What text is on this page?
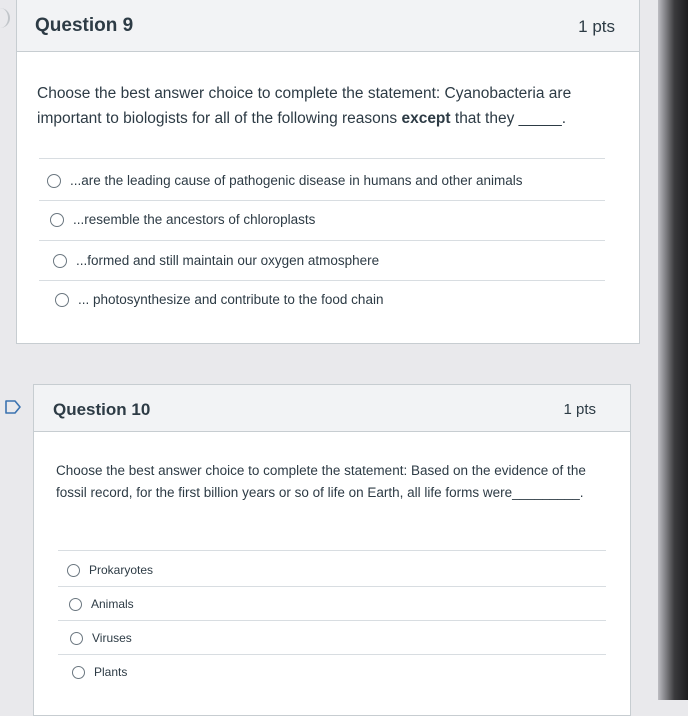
Question 9	1 pts
Choose the best answer choice to complete the statement: Cyanobacteria are important to biologists for all of the following reasons except that they _____.
...are the leading cause of pathogenic disease in humans and other animals
...resemble the ancestors of chloroplasts
...formed and still maintain our oxygen atmosphere
... photosynthesize and contribute to the food chain
Question 10	1 pts
Choose the best answer choice to complete the statement: Based on the evidence of the fossil record, for the first billion years or so of life on Earth, all life forms were_________.
Prokaryotes
Animals
Viruses
Plants
